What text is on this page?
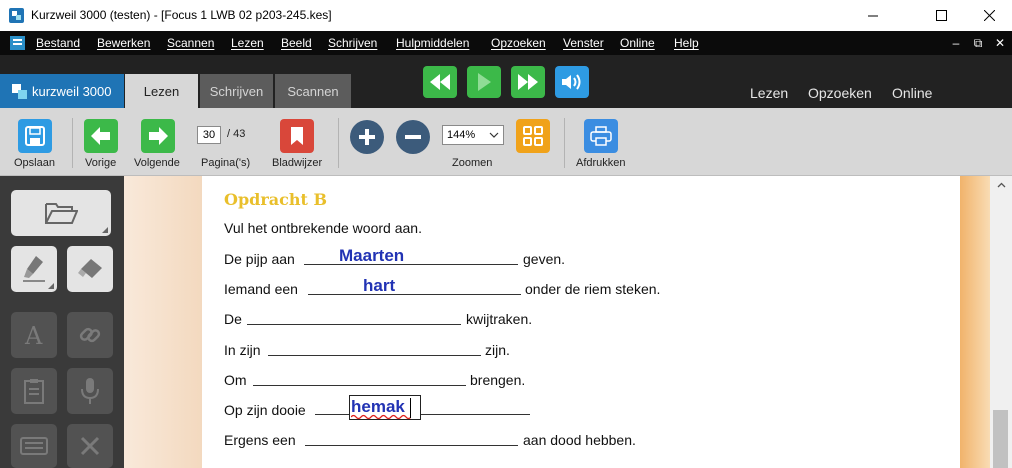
Kurzweil 3000 (testen) - [Focus 1 LWB 02 p203-245.kes]
Bestand Bewerken Scannen Lezen Beeld Schrijven Hulpmiddelen Opzoeken Venster Online Help	–	⧉	✕
kurzweil 3000	Lezen	Schrijven	Scannen	Lezen Opzoeken Online
Opslaan	Vorige Volgende
30	/ 43
Pagina('s) Bladwijzer
144%
Zoomen	Afdrukken
A
Opdracht B
Vul het ontbrekende woord aan.
De pijp aan	Maarten	geven.
Iemand een	hart	onder de riem steken.
De	kwijtraken.
In zijn	zijn.
Om	brengen.
Op zijn dooie	hemak
Ergens een	aan dood hebben.
